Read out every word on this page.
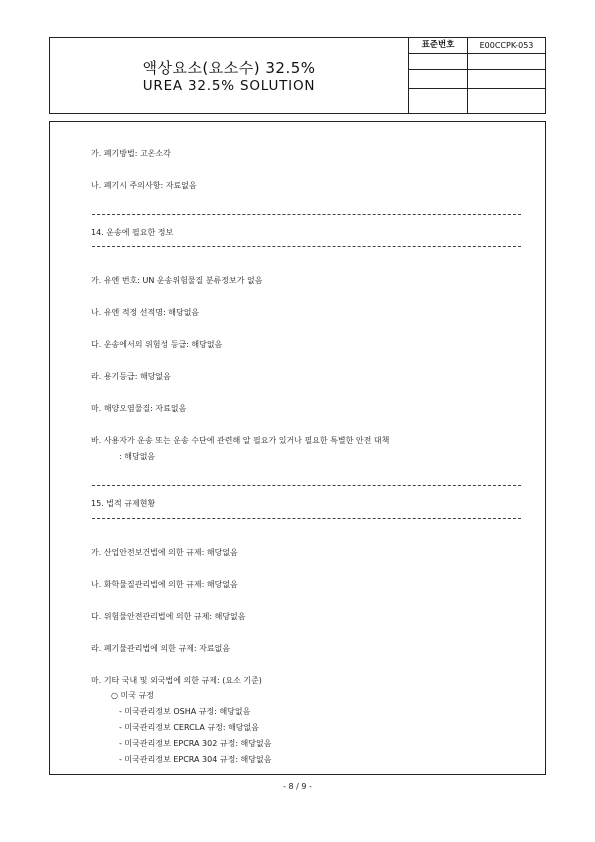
액상요소(요소수) 32.5%
UREA 32.5% SOLUTION
표준번호	E00CCPK-053
가. 폐기방법: 고온소각
나. 폐기시 주의사항: 자료없음
14. 운송에 필요한 정보
가. 유엔 번호: UN 운송위험물질 분류정보가 없음
나. 유엔 적정 선적명: 해당없음
다. 운송에서의 위험성 등급: 해당없음
라. 용기등급: 해당없음
마. 해양오염물질: 자료없음
바. 사용자가 운송 또는 운송 수단에 관련해 알 필요가 있거나 필요한 특별한 안전 대책
: 해당없음
15. 법적 규제현황
가. 산업안전보건법에 의한 규제: 해당없음
나. 화학물질관리법에 의한 규제: 해당없음
다. 위험물안전관리법에 의한 규제: 해당없음
라. 폐기물관리법에 의한 규제: 자료없음
마. 기타 국내 및 외국법에 의한 규제: (요소 기준)
○ 미국 규정
- 미국관리정보 OSHA 규정: 해당없음
- 미국관리정보 CERCLA 규정: 해당없음
- 미국관리정보 EPCRA 302 규정: 해당없음
- 미국관리정보 EPCRA 304 규정: 해당없음
- 8 / 9 -
